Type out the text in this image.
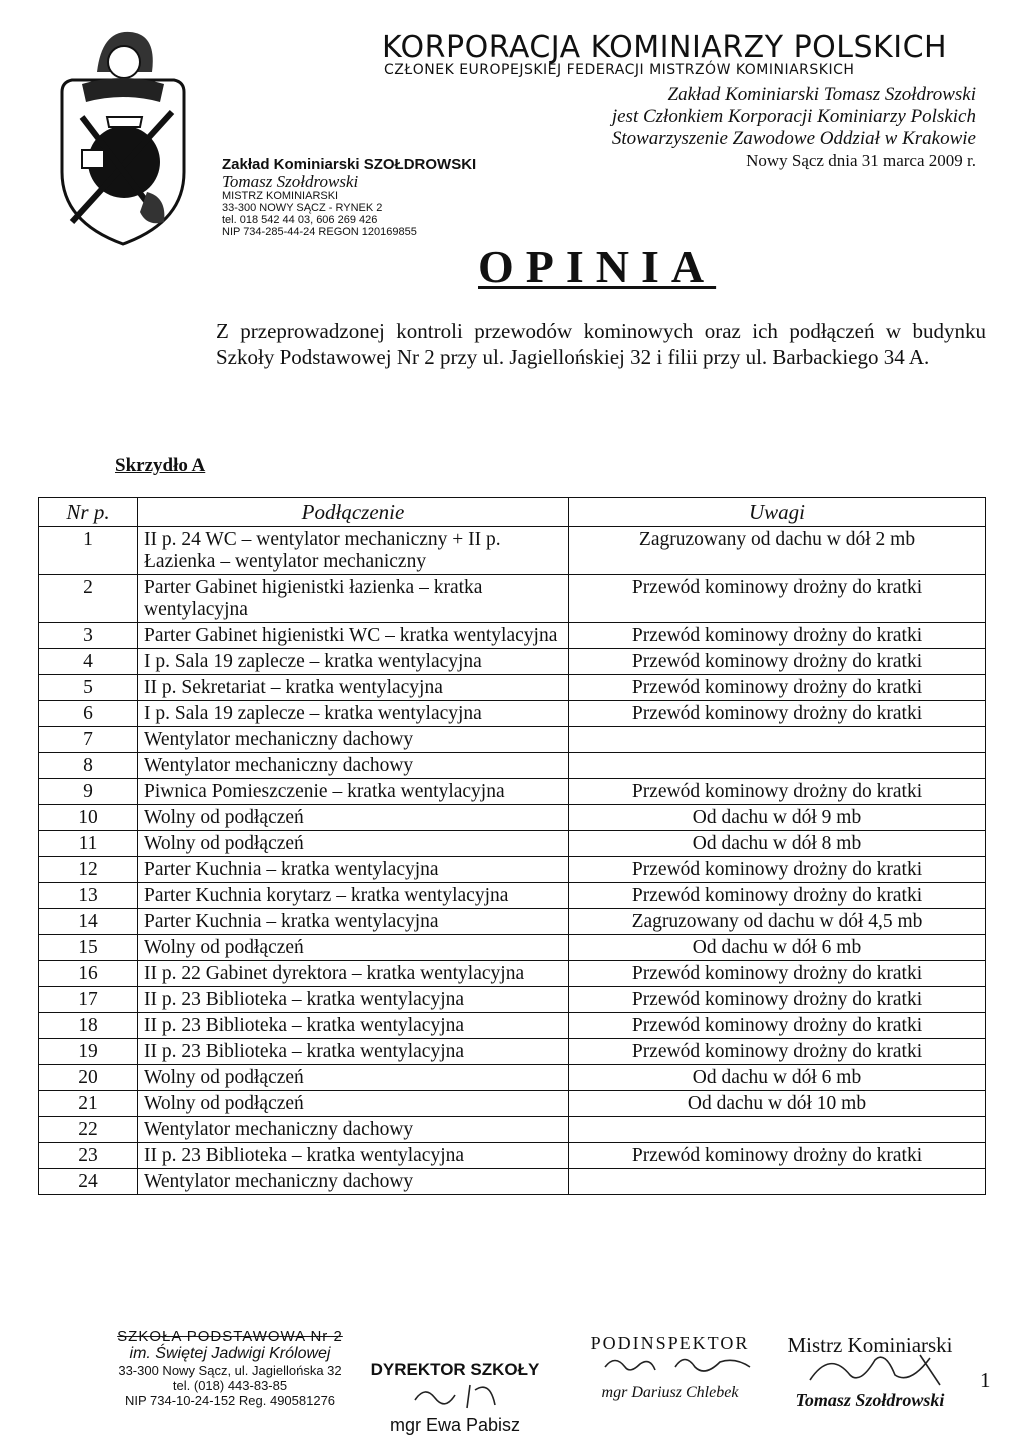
KORPORACJA KOMINIARZY POLSKICH
CZŁONEK EUROPEJSKIEJ FEDERACJI MISTRZÓW KOMINIARSKICH
Zakład Kominiarski SZOŁDROWSKI
Tomasz Szołdrowski
MISTRZ KOMINIARSKI
33-300 NOWY SĄCZ - RYNEK 2
tel. 018 542 44 03, 606 269 426
NIP 734-285-44-24 REGON 120169855
Zakład Kominiarski Tomasz Szołdrowski
jest Członkiem Korporacji Kominiarzy Polskich
Stowarzyszenie Zawodowe Oddział w Krakowie
Nowy Sącz dnia 31 marca 2009 r.
OPINIA
Z przeprowadzonej kontroli przewodów kominowych oraz ich podłączeń w budynku Szkoły Podstawowej Nr 2 przy ul. Jagiellońskiej 32 i filii przy ul. Barbackiego 34 A.
Skrzydło A
Nr p.	Podłączenie	Uwagi
1	II p. 24 WC – wentylator mechaniczny + II p. Łazienka – wentylator mechaniczny	Zagruzowany od dachu w dół 2 mb
2	Parter Gabinet higienistki łazienka – kratka wentylacyjna	Przewód kominowy drożny do kratki
3	Parter Gabinet higienistki WC – kratka wentylacyjna	Przewód kominowy drożny do kratki
4	I p. Sala 19 zaplecze – kratka wentylacyjna	Przewód kominowy drożny do kratki
5	II p. Sekretariat – kratka wentylacyjna	Przewód kominowy drożny do kratki
6	I p. Sala 19 zaplecze – kratka wentylacyjna	Przewód kominowy drożny do kratki
7	Wentylator mechaniczny dachowy	
8	Wentylator mechaniczny dachowy	
9	Piwnica Pomieszczenie – kratka wentylacyjna	Przewód kominowy drożny do kratki
10	Wolny od podłączeń	Od dachu w dół 9 mb
11	Wolny od podłączeń	Od dachu w dół 8 mb
12	Parter Kuchnia – kratka wentylacyjna	Przewód kominowy drożny do kratki
13	Parter Kuchnia korytarz – kratka wentylacyjna	Przewód kominowy drożny do kratki
14	Parter Kuchnia – kratka wentylacyjna	Zagruzowany od dachu w dół 4,5 mb
15	Wolny od podłączeń	Od dachu w dół 6 mb
16	II p. 22 Gabinet dyrektora – kratka wentylacyjna	Przewód kominowy drożny do kratki
17	II p. 23 Biblioteka – kratka wentylacyjna	Przewód kominowy drożny do kratki
18	II p. 23 Biblioteka – kratka wentylacyjna	Przewód kominowy drożny do kratki
19	II p. 23 Biblioteka – kratka wentylacyjna	Przewód kominowy drożny do kratki
20	Wolny od podłączeń	Od dachu w dół 6 mb
21	Wolny od podłączeń	Od dachu w dół 10 mb
22	Wentylator mechaniczny dachowy	
23	II p. 23 Biblioteka – kratka wentylacyjna	Przewód kominowy drożny do kratki
24	Wentylator mechaniczny dachowy	
SZKOŁA PODSTAWOWA Nr 2
im. Świętej Jadwigi Królowej
33-300 Nowy Sącz, ul. Jagiellońska 32
tel. (018) 443-83-85
NIP 734-10-24-152 Reg. 490581276
DYREKTOR SZKOŁY
mgr Ewa Pabisz
PODINSPEKTOR
mgr Dariusz Chlebek
Mistrz Kominiarski
Tomasz Szołdrowski
1
